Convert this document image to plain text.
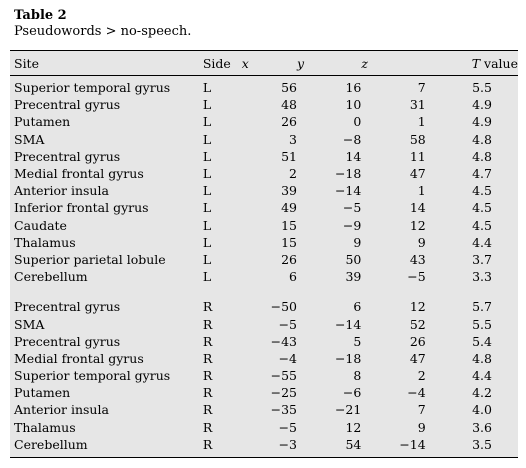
Table 2
Pseudowords > no-speech.
Site	Side	x	y	z	T value
Superior temporal gyrus	L	56	16	7	5.5
Precentral gyrus	L	48	10	31	4.9
Putamen	L	26	0	1	4.9
SMA	L	3	−8	58	4.8
Precentral gyrus	L	51	14	11	4.8
Medial frontal gyrus	L	2	−18	47	4.7
Anterior insula	L	39	−14	1	4.5
Inferior frontal gyrus	L	49	−5	14	4.5
Caudate	L	15	−9	12	4.5
Thalamus	L	15	9	9	4.4
Superior parietal lobule	L	26	50	43	3.7
Cerebellum	L	6	39	−5	3.3

Precentral gyrus	R	−50	6	12	5.7
SMA	R	−5	−14	52	5.5
Precentral gyrus	R	−43	5	26	5.4
Medial frontal gyrus	R	−4	−18	47	4.8
Superior temporal gyrus	R	−55	8	2	4.4
Putamen	R	−25	−6	−4	4.2
Anterior insula	R	−35	−21	7	4.0
Thalamus	R	−5	12	9	3.6
Cerebellum	R	−3	54	−14	3.5
